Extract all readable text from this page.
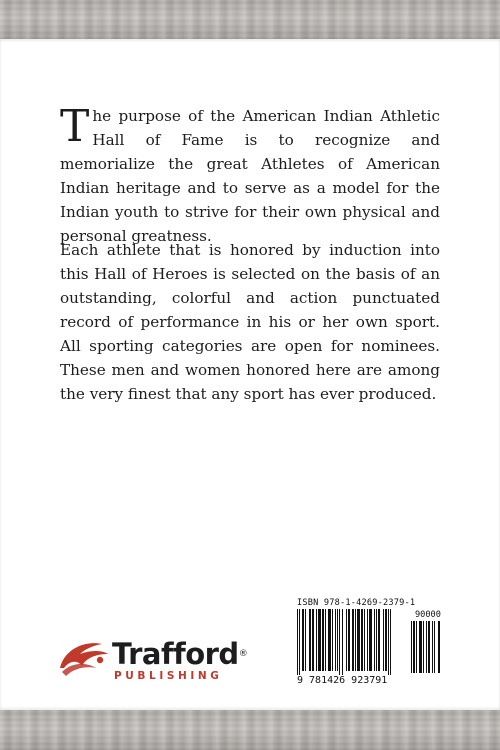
The purpose of the American Indian Athletic Hall of Fame is to recognize and memorialize the great Athletes of American Indian heritage and to serve as a model for the Indian youth to strive for their own physical and personal greatness.
Each athlete that is honored by induction into this Hall of Heroes is selected on the basis of an outstanding, colorful and action punctuated record of performance in his or her own sport. All sporting categories are open for nominees. These men and women honored here are among the very finest that any sport has ever produced.
Trafford®
PUBLISHING
ISBN 978-1-4269-2379-1
90000
9 781426 923791
